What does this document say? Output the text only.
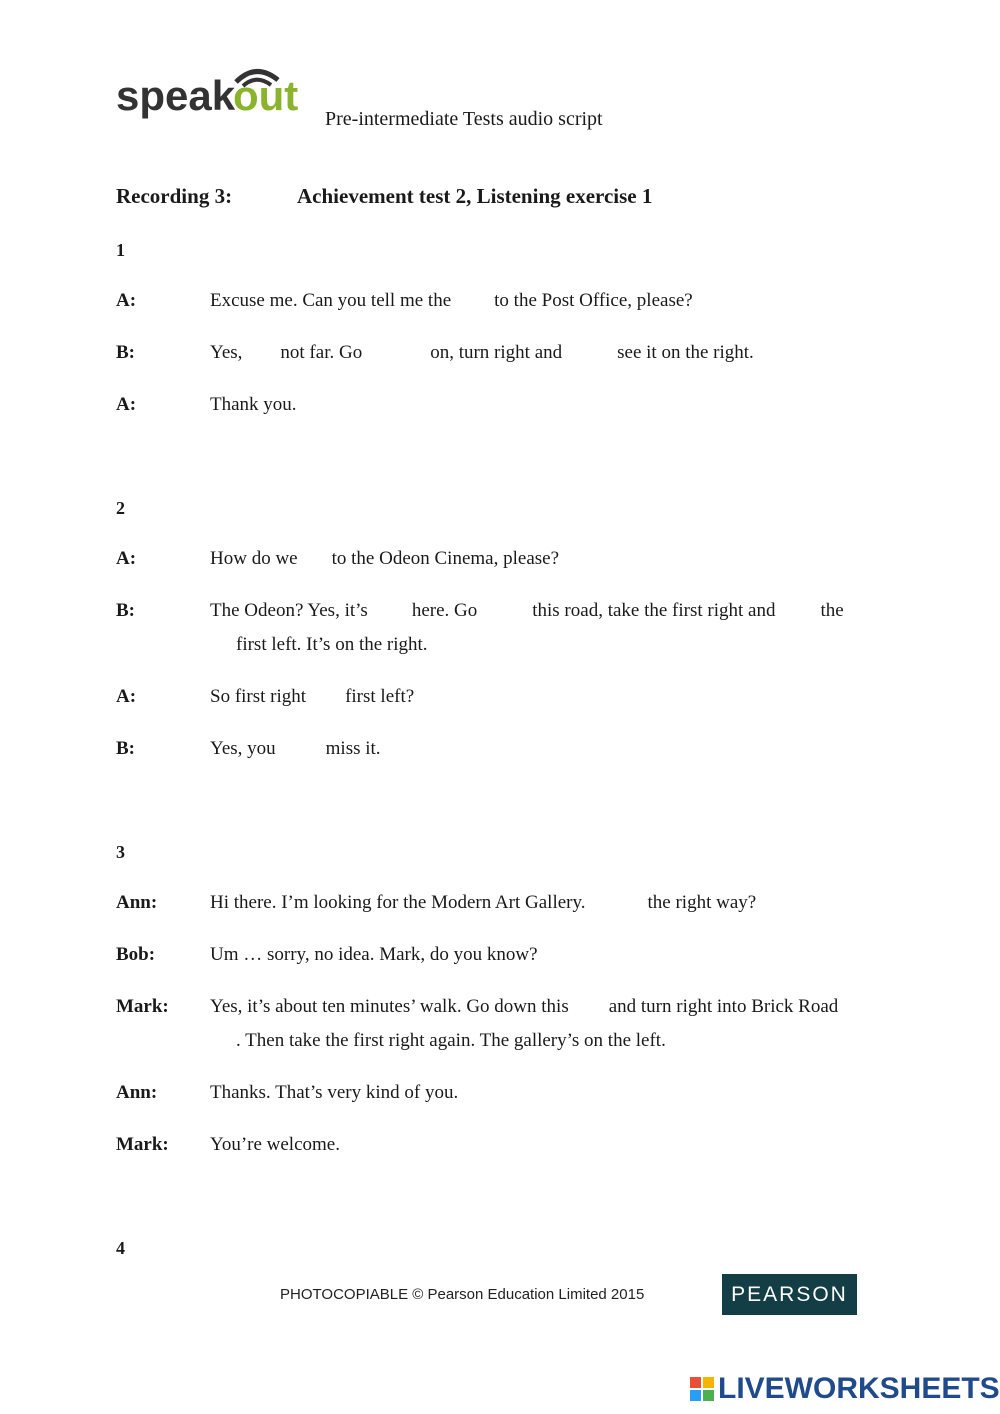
speak
out Pre-intermediate Tests audio script
Recording 3:	Achievement test 2, Listening exercise 1
1
A:	Excuse me. Can you tell me the to the Post Office, please?
B:	Yes, not far. Go	on, turn right and	see it on the right.
A:	Thank you.
2
A:	How do we to the Odeon Cinema, please?
B:	The Odeon? Yes, it’s here. Go	this road, take the first right and the
first left. It’s on the right.
A:	So first right first left?
B:	Yes, you	miss it.
3
Ann:	Hi there. I’m looking for the Modern Art Gallery.	the right way?
Bob:	Um … sorry, no idea. Mark, do you know?
Mark: Yes, it’s about ten minutes’ walk. Go down this and turn right into Brick Road
. Then take the first right again. The gallery’s on the left.
Ann:	Thanks. That’s very kind of you.
Mark: You’re welcome.
4
PHOTOCOPIABLE © Pearson Education Limited 2015	PEARSON
LIVEWORKSHEETS
